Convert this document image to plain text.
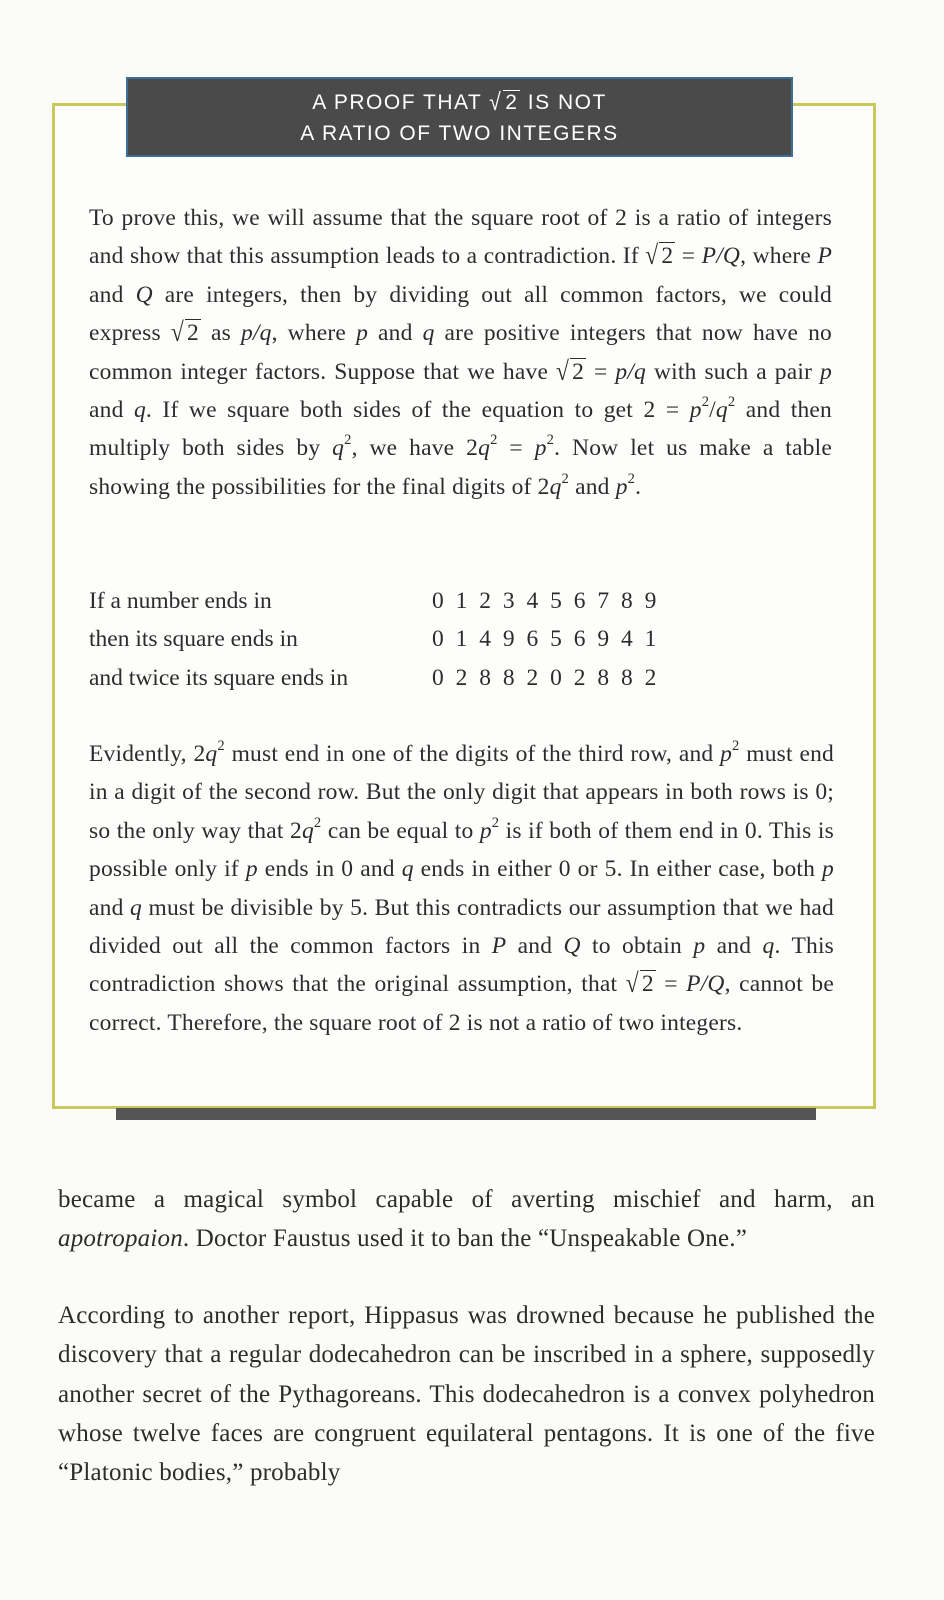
A PROOF THAT √ 2 IS NOT
A RATIO OF TWO INTEGERS

To prove this, we will assume that the square root of 2 is a ratio of integers and show that this assumption leads to a contradiction. If √ 2 = P/Q, where P and Q are integers, then by dividing out all common factors, we could express √ 2 as p/q, where p and q are positive integers that now have no common integer factors. Suppose that we have √ 2 = p/q with such a pair p and q. If we square both sides of the equation to get $2 = p^2/q^2$ and then multiply both sides by $q^2$, we have $2q^2 = p^2$. Now let us make a table showing the possibilities for the final digits of $2q^2$ and $p^2$.

If a number ends in	0 1 2 3 4 5 6 7 8 9
then its square ends in	0 1 4 9 6 5 6 9 4 1
and twice its square ends in	0 2 8 8 2 0 2 8 8 2

Evidently, $2q^2$ must end in one of the digits of the third row, and $p^2$ must end in a digit of the second row. But the only digit that appears in both rows is 0; so the only way that $2q^2$ can be equal to $p^2$ is if both of them end in 0. This is possible only if p ends in 0 and q ends in either 0 or 5. In either case, both p and q must be divisible by 5. But this contradicts our assumption that we had divided out all the common factors in P and Q to obtain p and q. This contradiction shows that the original assumption, that √ 2 = P/Q, cannot be correct. Therefore, the square root of 2 is not a ratio of two integers.

became a magical symbol capable of averting mischief and harm, an apotropaion. Doctor Faustus used it to ban the “Unspeakable One.”

According to another report, Hippasus was drowned because he published the discovery that a regular dodecahedron can be inscribed in a sphere, supposedly another secret of the Pythagoreans. This dodecahedron is a convex polyhedron whose twelve faces are congruent equilateral pentagons. It is one of the five “Platonic bodies,” probably
